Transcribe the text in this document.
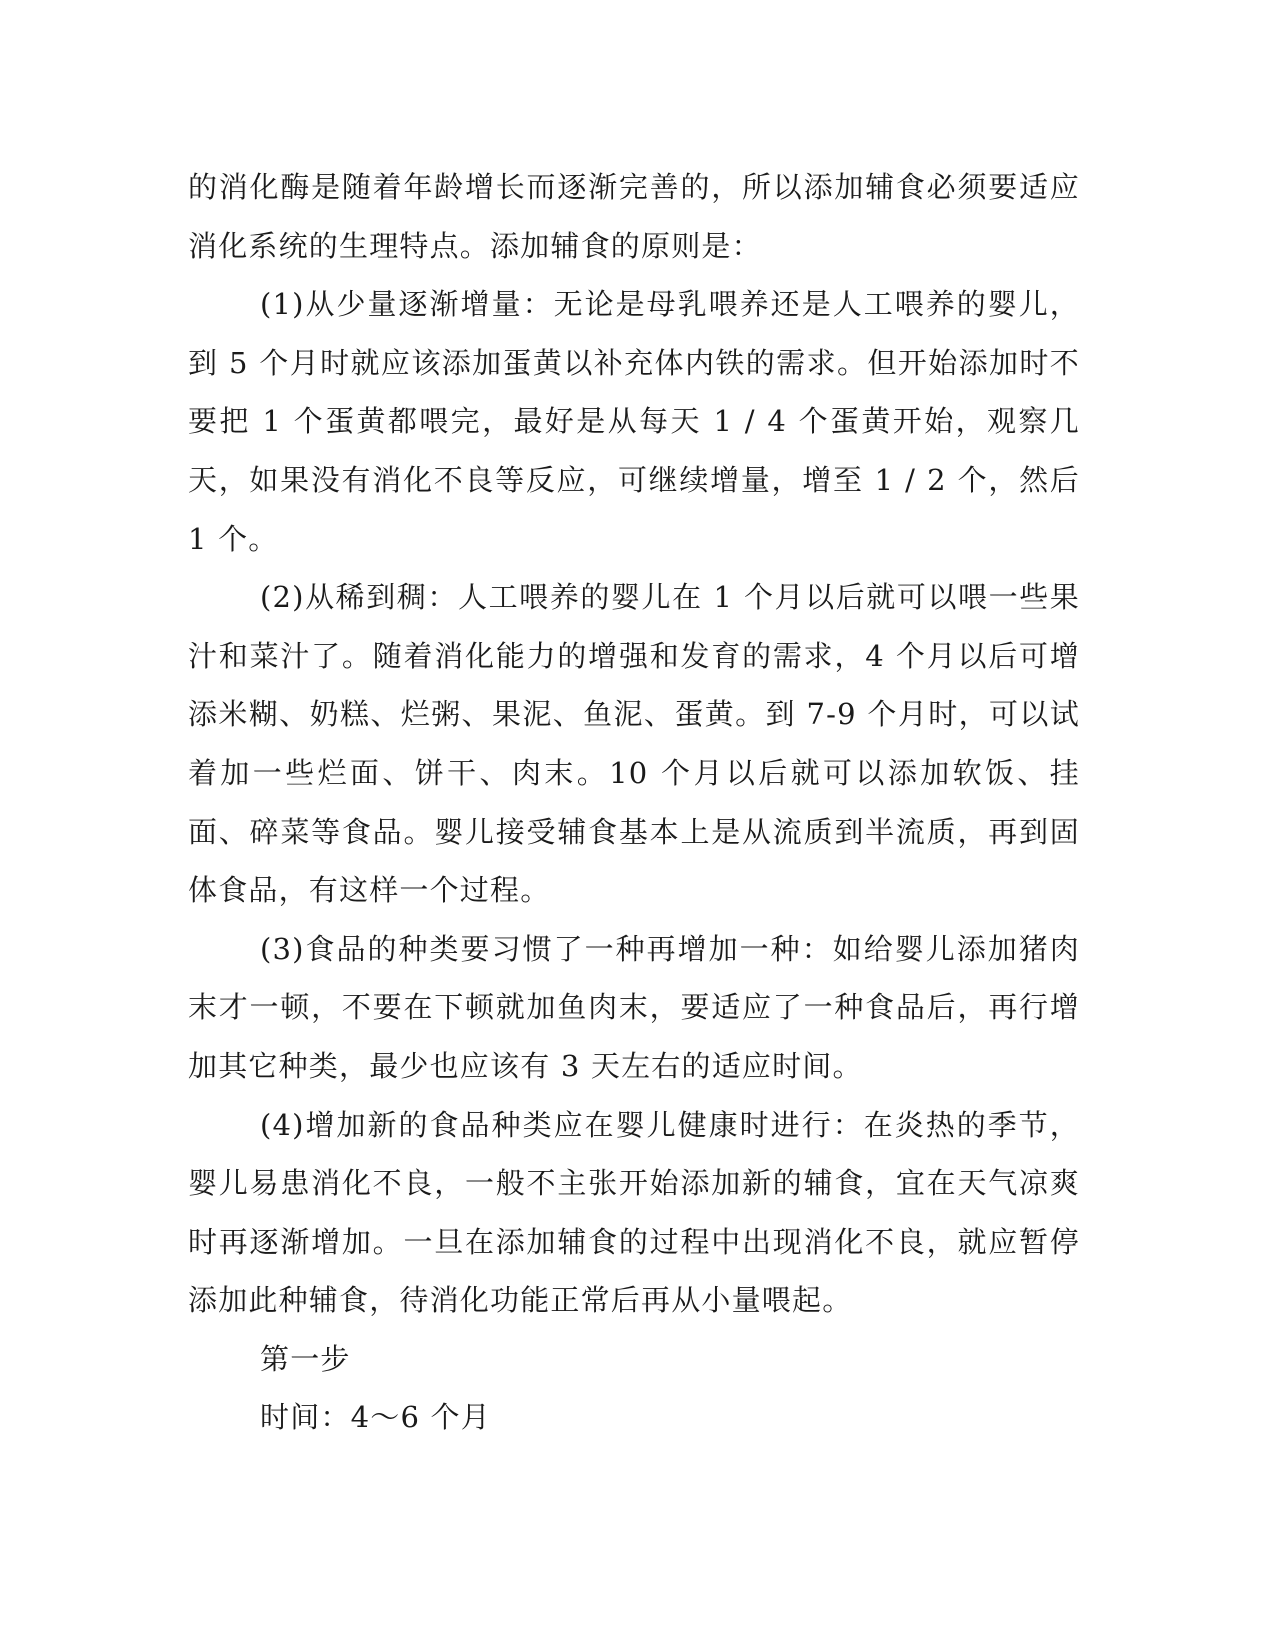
的消化酶是随着年龄增长而逐渐完善的，所以添加辅食必须要适应消化系统的生理特点。添加辅食的原则是：

(1)从少量逐渐增量：无论是母乳喂养还是人工喂养的婴儿，到 5 个月时就应该添加蛋黄以补充体内铁的需求。但开始添加时不要把 1 个蛋黄都喂完，最好是从每天 1 / 4 个蛋黄开始，观察几天，如果没有消化不良等反应，可继续增量，增至 1 / 2 个，然后 1 个。

(2)从稀到稠：人工喂养的婴儿在 1 个月以后就可以喂一些果汁和菜汁了。随着消化能力的增强和发育的需求，4 个月以后可增添米糊、奶糕、烂粥、果泥、鱼泥、蛋黄。到 7-9 个月时，可以试着加一些烂面、饼干、肉末。10 个月以后就可以添加软饭、挂面、碎菜等食品。婴儿接受辅食基本上是从流质到半流质，再到固体食品，有这样一个过程。

(3)食品的种类要习惯了一种再增加一种：如给婴儿添加猪肉末才一顿，不要在下顿就加鱼肉末，要适应了一种食品后，再行增加其它种类，最少也应该有 3 天左右的适应时间。

(4)增加新的食品种类应在婴儿健康时进行：在炎热的季节，婴儿易患消化不良，一般不主张开始添加新的辅食，宜在天气凉爽时再逐渐增加。一旦在添加辅食的过程中出现消化不良，就应暂停添加此种辅食，待消化功能正常后再从小量喂起。

第一步

时间：4～6 个月
